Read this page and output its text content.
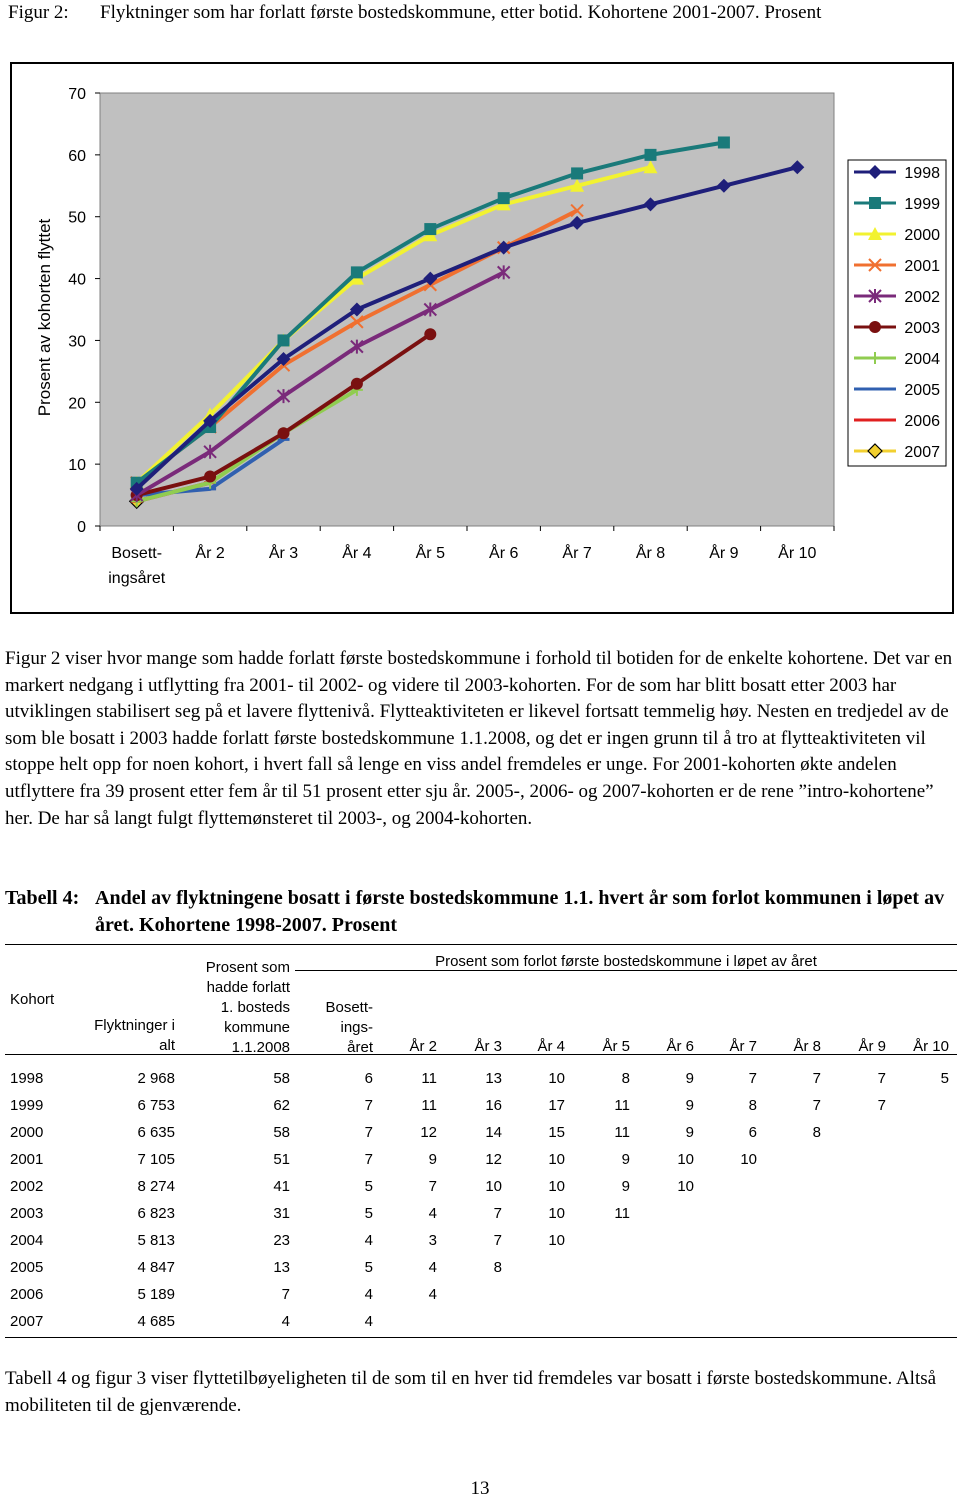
Figur 2: Flyktninger som har forlatt første bostedskommune, etter botid. Kohortene 2001-2007. Prosent
0
10
20
30
40
50
60
70
Bosett-ingsåret
År 2	År 3	År 4	År 5	År 6	År 7	År 8	År 9 År 10
Prosent av kohorten flyttet
1998
1999
2000
2001
2002
2003
2004
2005
2006
2007
Figur 2 viser hvor mange som hadde forlatt første bostedskommune i forhold til botiden for de enkelte kohortene. Det var en markert nedgang i utflytting fra 2001- til 2002- og videre til 2003-kohorten. For de som har blitt bosatt etter 2003 har utviklingen stabilisert seg på et lavere flyttenivå. Flytteaktiviteten er likevel fortsatt temmelig høy. Nesten en tredjedel av de som ble bosatt i 2003 hadde forlatt første bostedskommune 1.1.2008, og det er ingen grunn til å tro at flytteaktiviteten vil stoppe helt opp for noen kohort, i hvert fall så lenge en viss andel fremdeles er unge. For 2001-kohorten økte andelen utflyttere fra 39 prosent etter fem år til 51 prosent etter sju år. 2005-, 2006- og 2007-kohorten er de rene ”intro-kohortene” her. De har så langt fulgt flyttemønsteret til 2003-, og 2004-kohorten.
Tabell 4: Andel av flyktningene bosatt i første bostedskommune 1.1. hvert år som forlot kommunen i løpet av året. Kohortene 1998-2007. Prosent
Kohort
Flyktninger i
alt
Prosent som
hadde forlatt
1. bosteds
kommune
1.1.2008
Bosett-
ings-
året
Prosent som forlot første bostedskommune i løpet av året
År 2	År 3	År 4	År 5	År 6	År 7	År 8	År 9	År 10
1998	2 968	58	6	11	13	10	8	9	7	7	7	5
1999	6 753	62	7	11	16	17	11	9	8	7	7
2000	6 635	58	7	12	14	15	11	9	6	8
2001	7 105	51	7	9	12	10	9	10	10
2002	8 274	41	5	7	10	10	9	10
2003	6 823	31	5	4	7	10	11
2004	5 813	23	4	3	7	10
2005	4 847	13	5	4	8
2006	5 189	7	4	4
2007	4 685	4	4
Tabell 4 og figur 3 viser flyttetilbøyeligheten til de som til en hver tid fremdeles var bosatt i første bostedskommune. Altså mobiliteten til de gjenværende.
13
